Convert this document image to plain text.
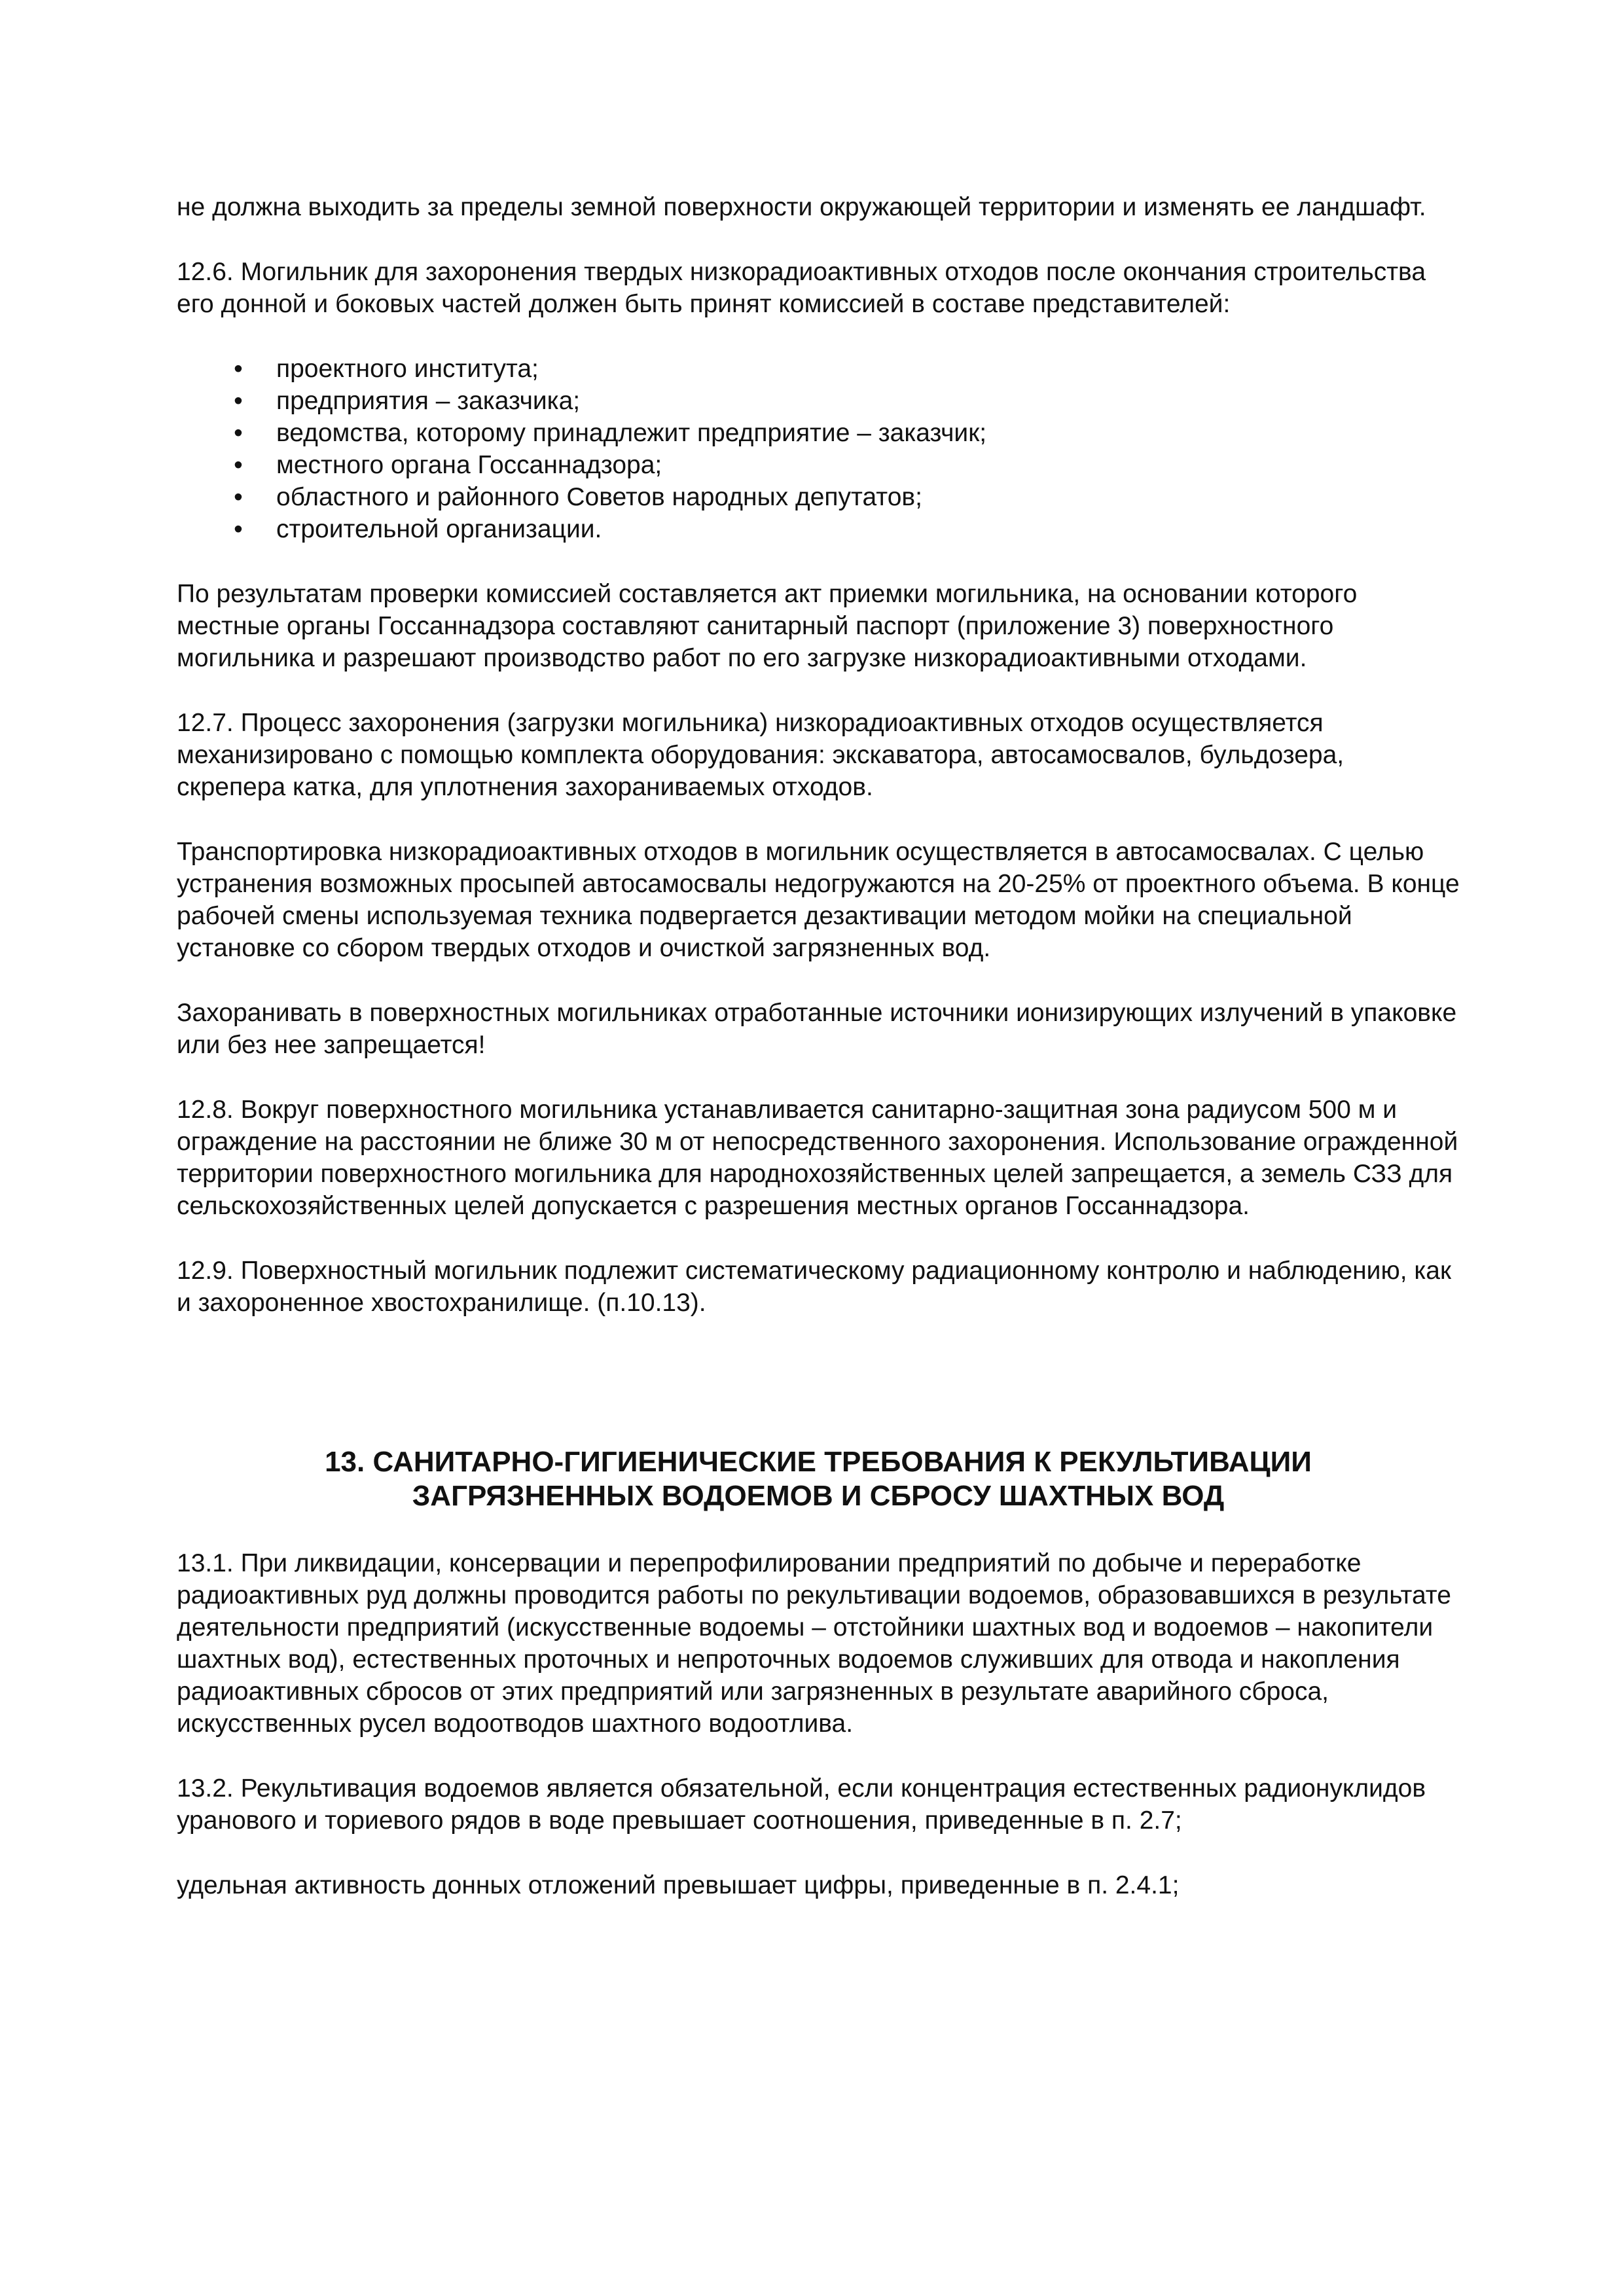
не должна выходить за пределы земной поверхности окружающей территории и изменять ее ландшафт.

12.6. Могильник для захоронения твердых низкорадиоактивных отходов после окончания строительства его донной и боковых частей должен быть принят комиссией в составе представителей:

•	проектного института;
•	предприятия – заказчика;
•	ведомства, которому принадлежит предприятие – заказчик;
•	местного органа Госсаннадзора;
•	областного и районного Советов народных депутатов;
•	строительной организации.

По результатам проверки комиссией составляется акт приемки могильника, на основании которого местные органы Госсаннадзора составляют санитарный паспорт (приложение 3) поверхностного могильника и разрешают производство работ по его загрузке низкорадиоактивными отходами.

12.7. Процесс захоронения (загрузки могильника) низкорадиоактивных отходов осуществляется механизировано с помощью комплекта оборудования: экскаватора, автосамосвалов, бульдозера, скрепера катка, для уплотнения захораниваемых отходов.

Транспортировка низкорадиоактивных отходов в могильник осуществляется в автосамосвалах. С целью устранения возможных просыпей автосамосвалы недогружаются на 20-25% от проектного объема. В конце рабочей смены используемая техника подвергается дезактивации методом мойки на специальной установке со сбором твердых отходов и очисткой загрязненных вод.

Захоранивать в поверхностных могильниках отработанные источники ионизирующих излучений в упаковке или без нее запрещается!

12.8. Вокруг поверхностного могильника устанавливается санитарно-защитная зона радиусом 500 м и ограждение на расстоянии не ближе 30 м от непосредственного захоронения. Использование огражденной территории поверхностного могильника для народнохозяйственных целей запрещается, а земель СЗЗ для сельскохозяйственных целей допускается с разрешения местных органов Госсаннадзора.

12.9. Поверхностный могильник подлежит систематическому радиационному контролю и наблюдению, как и захороненное хвостохранилище. (п.10.13).

13. САНИТАРНО-ГИГИЕНИЧЕСКИЕ ТРЕБОВАНИЯ К РЕКУЛЬТИВАЦИИ
ЗАГРЯЗНЕННЫХ ВОДОЕМОВ И СБРОСУ ШАХТНЫХ ВОД

13.1. При ликвидации, консервации и перепрофилировании предприятий по добыче и переработке радиоактивных руд должны проводится работы по рекультивации водоемов, образовавшихся в результате деятельности предприятий (искусственные водоемы – отстойники шахтных вод и водоемов – накопители шахтных вод), естественных проточных и непроточных водоемов служивших для отвода и накопления радиоактивных сбросов от этих предприятий или загрязненных в результате аварийного сброса, искусственных русел водоотводов шахтного водоотлива.

13.2. Рекультивация водоемов является обязательной, если концентрация естественных радионуклидов уранового и ториевого рядов в воде превышает соотношения, приведенные в п. 2.7;

удельная активность донных отложений превышает цифры, приведенные в п. 2.4.1;
